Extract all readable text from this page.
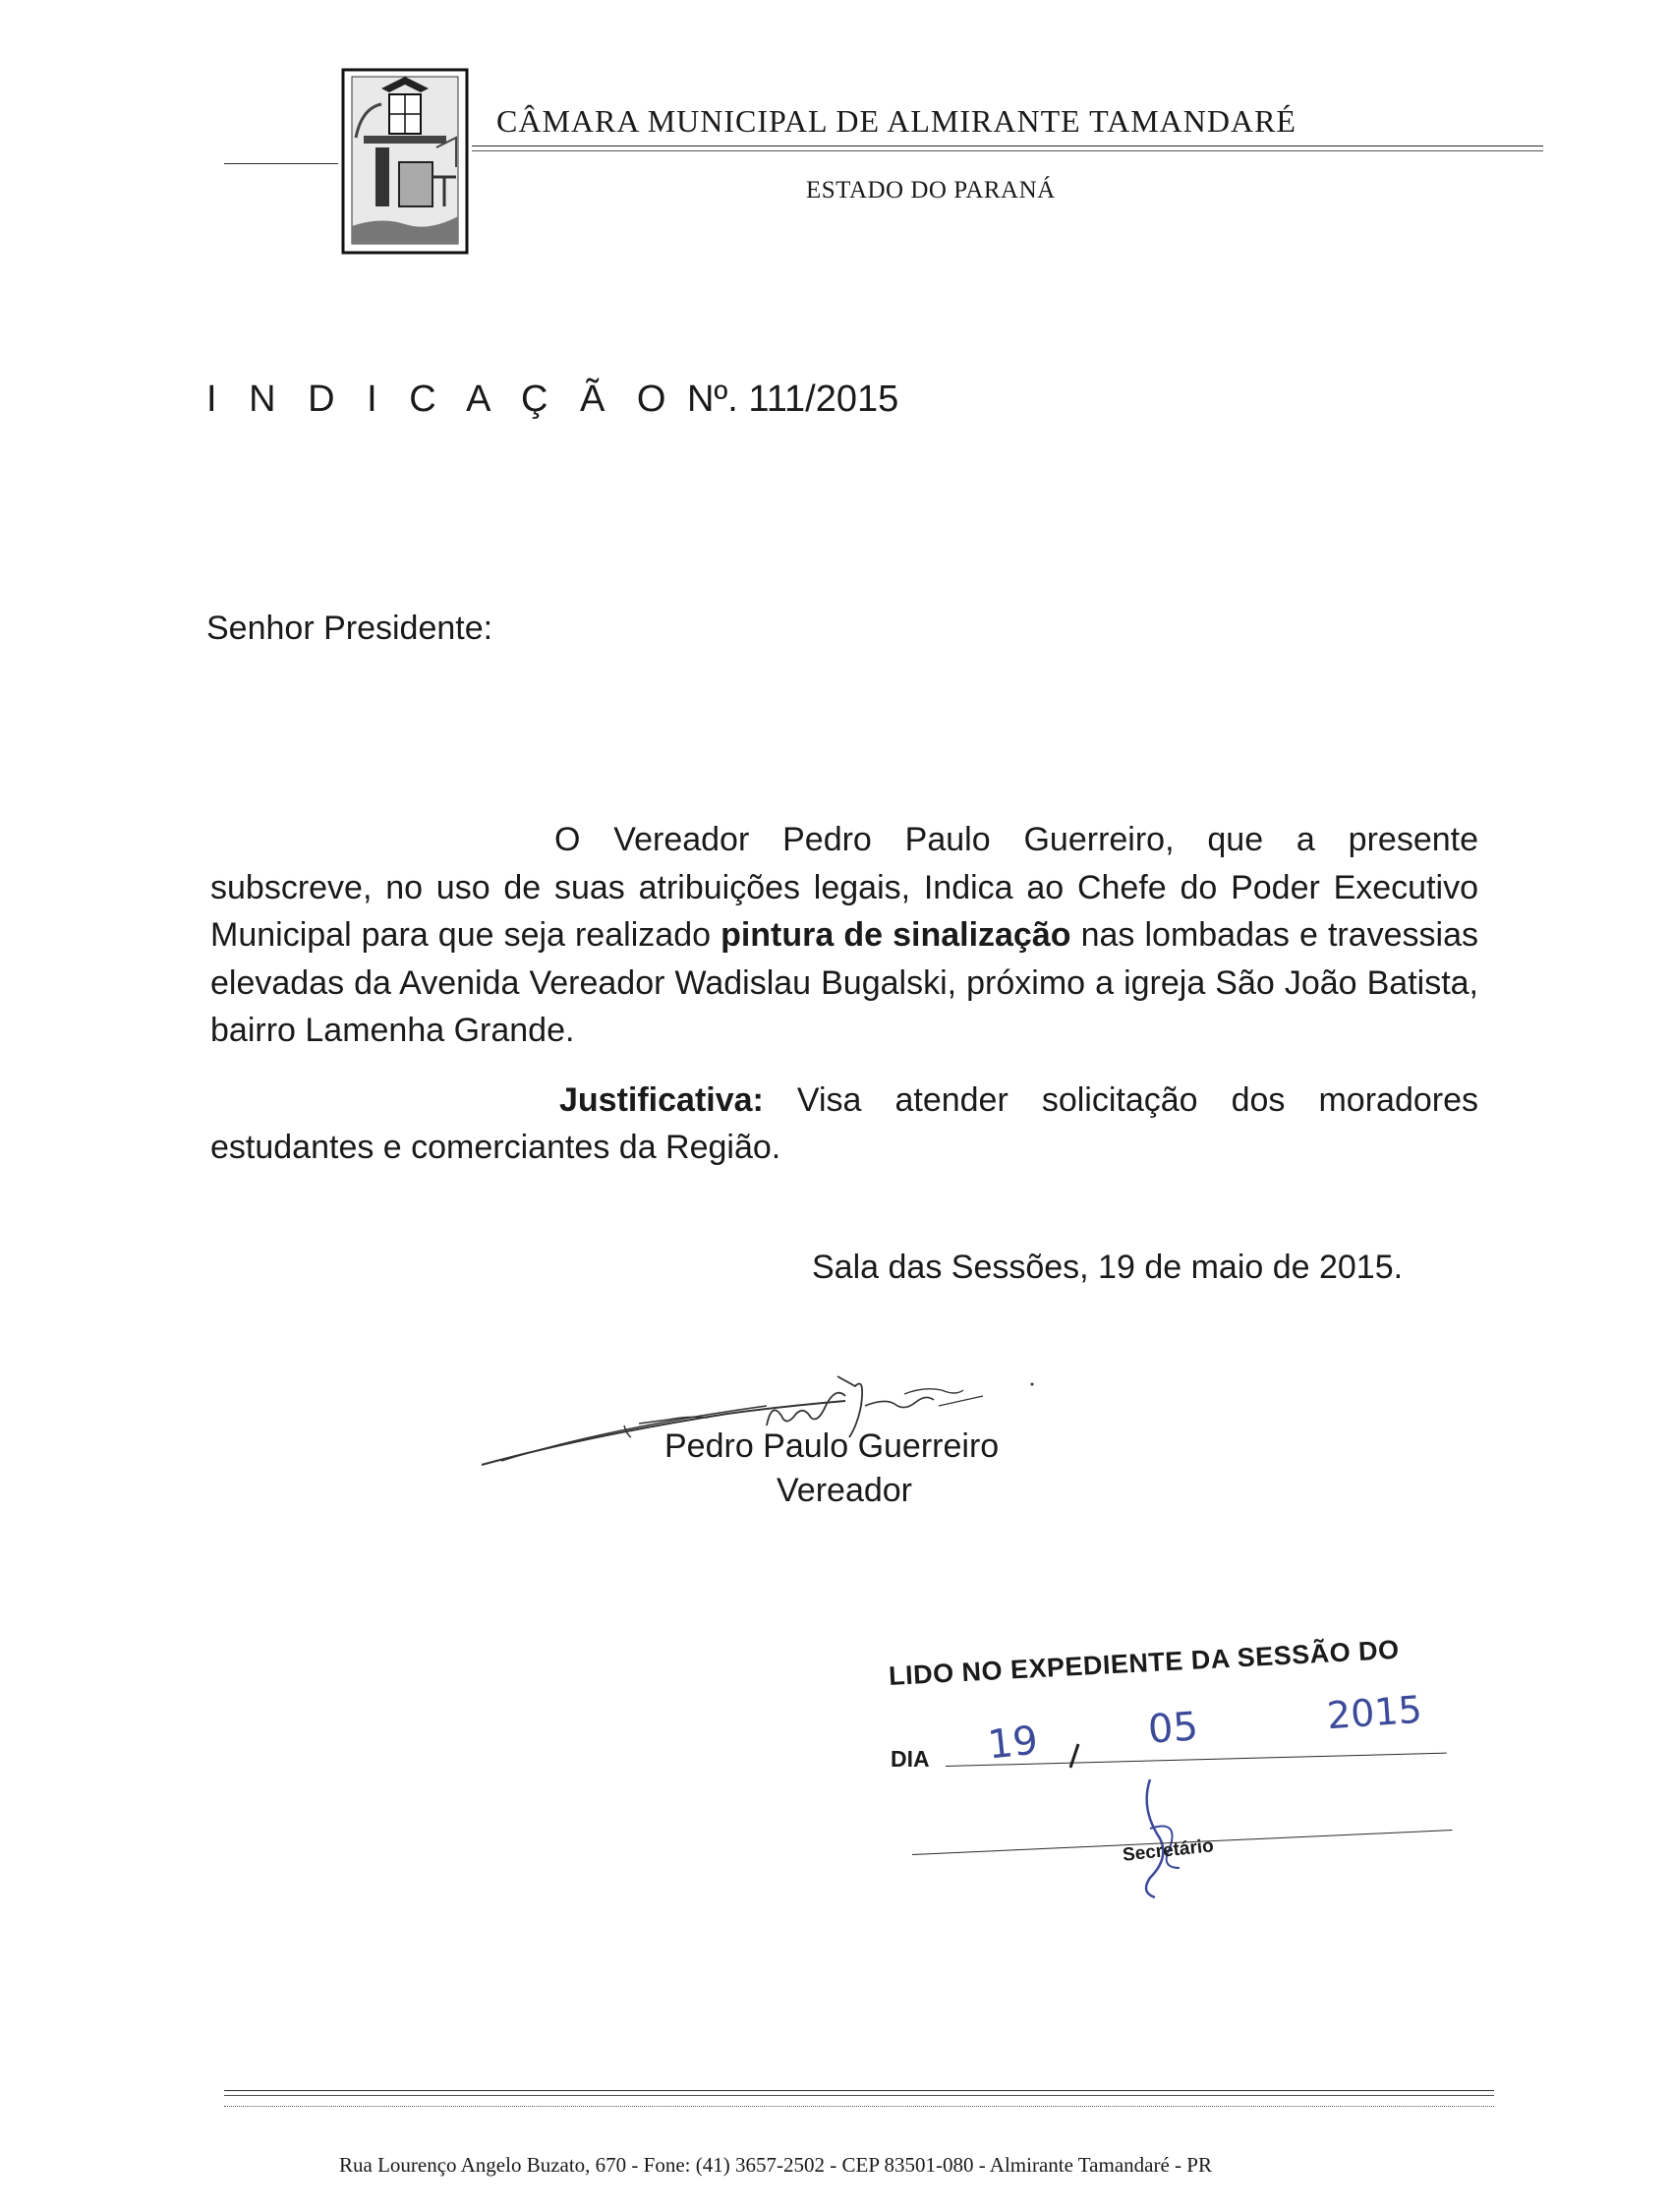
CÂMARA MUNICIPAL DE ALMIRANTE TAMANDARÉ
ESTADO DO PARANÁ
I N D I C A Ç Ã O Nº. 111/2015
Senhor Presidente:

O Vereador Pedro Paulo Guerreiro, que a presente subscreve, no uso de suas atribuições legais, Indica ao Chefe do Poder Executivo Municipal para que seja realizado pintura de sinalização nas lombadas e travessias elevadas da Avenida Vereador Wadislau Bugalski, próximo a igreja São João Batista, bairro Lamenha Grande.

Justificativa: Visa atender solicitação dos moradores estudantes e comerciantes da Região.

Sala das Sessões, 19 de maio de 2015.
Pedro Paulo Guerreiro
Vereador
LIDO NO EXPEDIENTE DA SESSÃO DO
DIA 19	05	2015
Secretário
Rua Lourenço Angelo Buzato, 670 - Fone: (41) 3657-2502 - CEP 83501-080 - Almirante Tamandaré - PR
